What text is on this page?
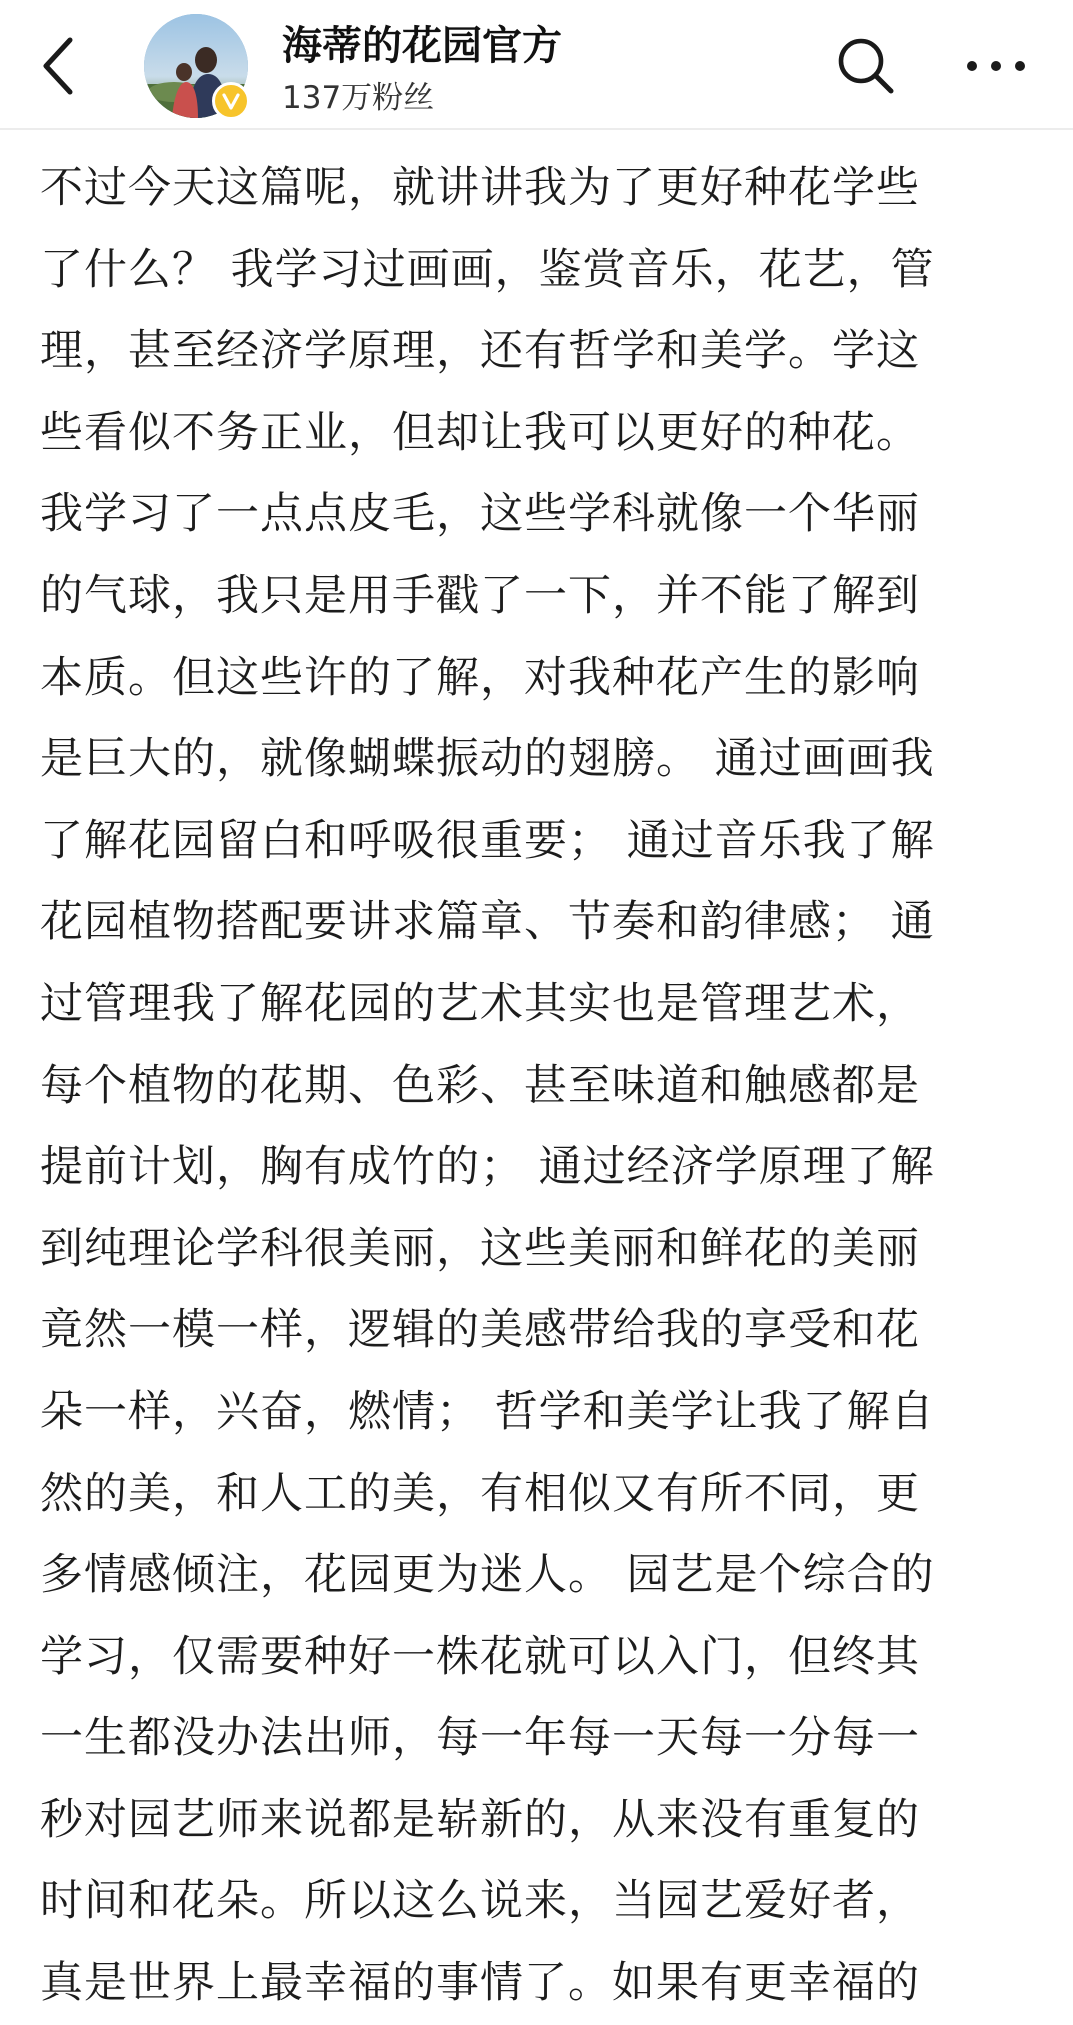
海蒂的花园官方
137万粉丝
不过今天这篇呢，就讲讲我为了更好种花学些
了什么？ 我学习过画画，鉴赏音乐，花艺，管
理，甚至经济学原理，还有哲学和美学。学这
些看似不务正业，但却让我可以更好的种花。
我学习了一点点皮毛，这些学科就像一个华丽
的气球，我只是用手戳了一下，并不能了解到
本质。但这些许的了解，对我种花产生的影响
是巨大的，就像蝴蝶振动的翅膀。 通过画画我
了解花园留白和呼吸很重要； 通过音乐我了解
花园植物搭配要讲求篇章、节奏和韵律感； 通
过管理我了解花园的艺术其实也是管理艺术，
每个植物的花期、色彩、甚至味道和触感都是
提前计划，胸有成竹的； 通过经济学原理了解
到纯理论学科很美丽，这些美丽和鲜花的美丽
竟然一模一样，逻辑的美感带给我的享受和花
朵一样，兴奋，燃情； 哲学和美学让我了解自
然的美，和人工的美，有相似又有所不同，更
多情感倾注，花园更为迷人。 园艺是个综合的
学习，仅需要种好一株花就可以入门，但终其
一生都没办法出师，每一年每一天每一分每一
秒对园艺师来说都是崭新的，从来没有重复的
时间和花朵。所以这么说来，当园艺爱好者，
真是世界上最幸福的事情了。如果有更幸福的
